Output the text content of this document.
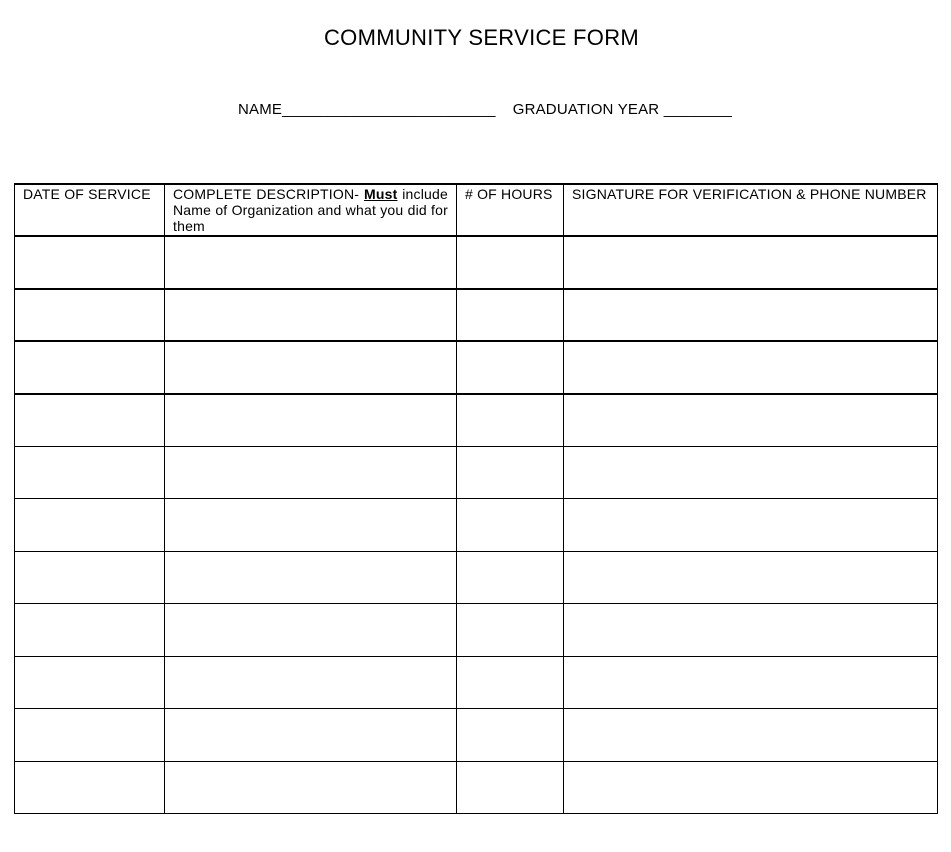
COMMUNITY SERVICE FORM
NAME_________________________ GRADUATION YEAR ________
DATE OF SERVICE	COMPLETE DESCRIPTION- Must include Name of Organization and what you did for them	# OF HOURS	SIGNATURE FOR VERIFICATION & PHONE NUMBER
